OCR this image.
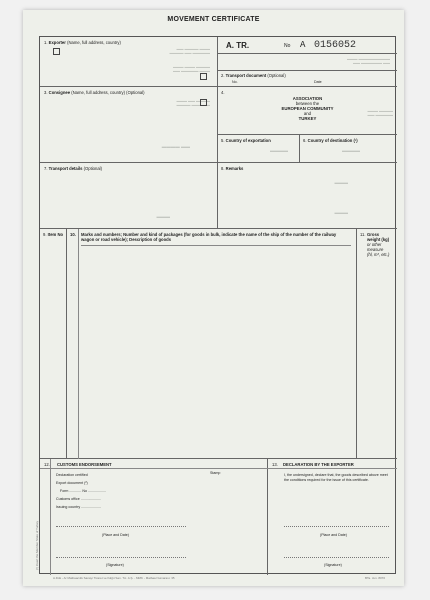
MOVEMENT CERTIFICATE
1. Exporter (Name, full address, country)
▬▬ ▬▬▬▬ ▬▬▬
▬▬▬▬ ▬▬ ▬▬▬▬▬
▬▬▬ ▬▬▬ ▬▬▬▬
▬▬ ▬▬▬▬▬ ▬▬▬
A. TR.	No A 0156052
▬▬▬ ▬▬▬▬▬▬▬▬▬
▬▬ ▬▬▬▬▬▬ ▬▬
2. Transport document (Optional)
No.	Date
3. Consignee (Name, full address, country) (Optional)
▬▬▬ ▬▬ ▬▬▬▬
▬▬▬▬ ▬▬▬ ▬▬
▬▬▬▬ ▬▬
4.
ASSOCIATION
between the
EUROPEAN COMMUNITY
and
TURKEY
▬▬▬ ▬▬▬▬
▬▬ ▬▬▬▬▬
5. Country of exportation
▬▬▬▬
6. Country of destination (¹)
▬▬▬▬
7. Transport details (Optional)
▬▬▬
8. Remarks
▬▬▬
▬▬▬
9. Item No 10. Marks and numbers; Number and kind of packages (for goods in bulk, indicate the name of the ship of the number of the railway wagon or road vehicle); Description of goods
11. Gross
weight (kg)
or other
measure
(hl, m³, etc.)
12. CUSTOMS ENDORSEMENT
Stamp
Declaration certified
Export document (²)
Form ............ No ..................
Customs office ....................
Issuing country ....................
(Place and Date)
(Signature)
13. DECLARATION BY THE EXPORTER
I, the undersigned, declare that, the goods described above meet the conditions required for the issue of this certificate.
(Place and Date)
(Signature)
(¹) Insert the Member State of Turkey
A 4lük - Ar Matbaacılık Sanayi Ticaret ve Kâğıt San. Tic. A.Ş. - MMK - Matbaa Numarası: 35	BTa. Jun. 8070
